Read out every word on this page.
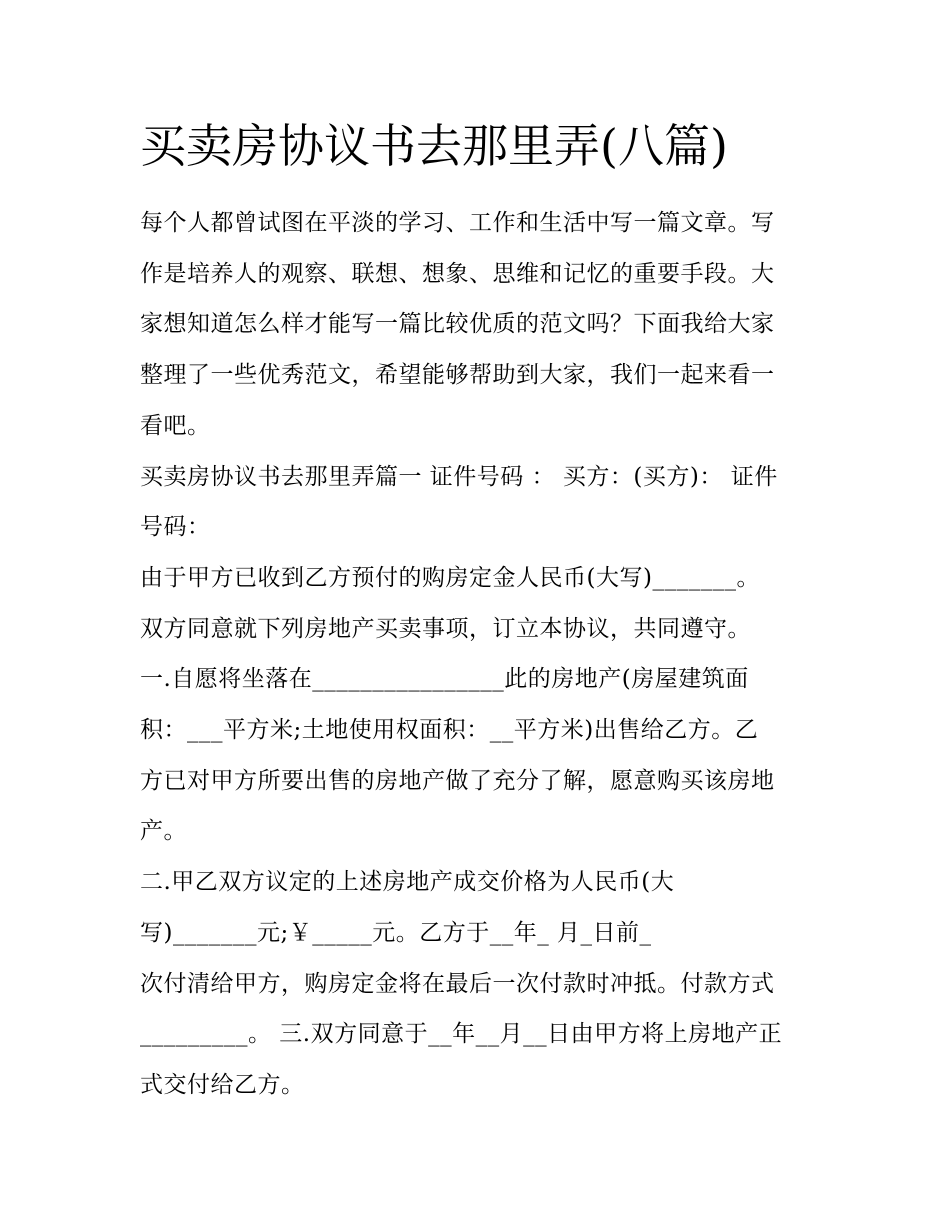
买卖房协议书去那里弄(八篇)

每个人都曾试图在平淡的学习、工作和生活中写一篇文章。写
作是培养人的观察、联想、想象、思维和记忆的重要手段。大
家想知道怎么样才能写一篇比较优质的范文吗？下面我给大家
整理了一些优秀范文，希望能够帮助到大家，我们一起来看一
看吧。

买卖房协议书去那里弄篇一 证件号码 ： 买方：(买方)： 证件
号码：

由于甲方已收到乙方预付的购房定金人民币(大写)_______。

双方同意就下列房地产买卖事项，订立本协议，共同遵守。

一.自愿将坐落在________________此的房地产(房屋建筑面
积：___平方米;土地使用权面积：__平方米)出售给乙方。乙
方已对甲方所要出售的房地产做了充分了解，愿意购买该房地
产。

二.甲乙双方议定的上述房地产成交价格为人民币(大
写)_______元;￥_____元。乙方于__年_ 月_日前_

次付清给甲方，购房定金将在最后一次付款时冲抵。付款方式
_________。 三.双方同意于__年__月__日由甲方将上房地产正
式交付给乙方。
